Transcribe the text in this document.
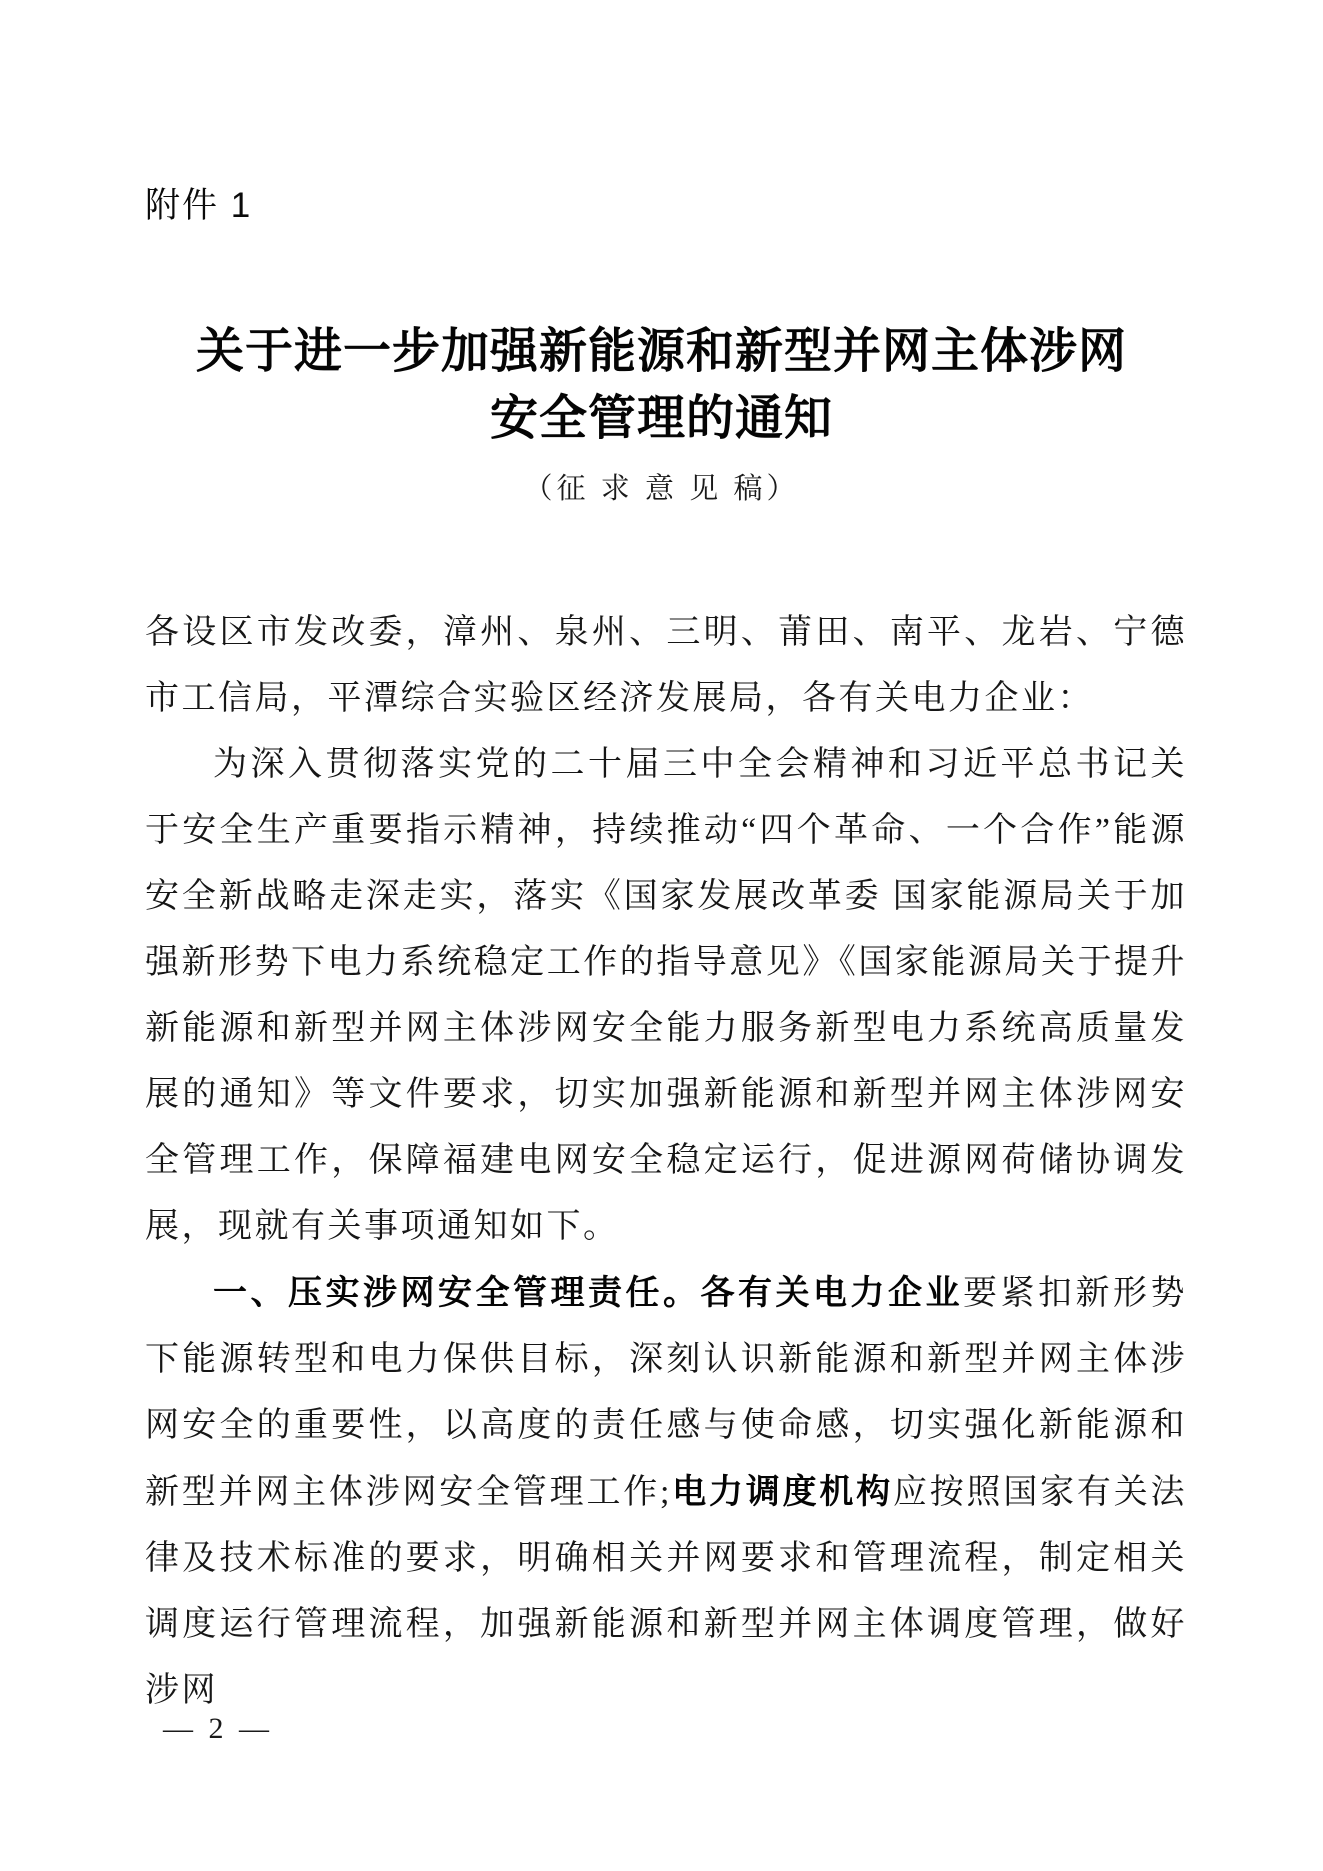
附件 1
关于进一步加强新能源和新型并网主体涉网
安全管理的通知
（征 求 意 见 稿）

各设区市发改委，漳州、泉州、三明、莆田、南平、龙岩、宁德市工信局，平潭综合实验区经济发展局，各有关电力企业：

为深入贯彻落实党的二十届三中全会精神和习近平总书记关于安全生产重要指示精神，持续推动“四个革命、一个合作”能源安全新战略走深走实，落实《国家发展改革委 国家能源局关于加强新形势下电力系统稳定工作的指导意见》《国家能源局关于提升新能源和新型并网主体涉网安全能力服务新型电力系统高质量发展的通知》等文件要求，切实加强新能源和新型并网主体涉网安全管理工作，保障福建电网安全稳定运行，促进源网荷储协调发展，现就有关事项通知如下。

一、压实涉网安全管理责任。各有关电力企业要紧扣新形势下能源转型和电力保供目标，深刻认识新能源和新型并网主体涉网安全的重要性，以高度的责任感与使命感，切实强化新能源和新型并网主体涉网安全管理工作;电力调度机构应按照国家有关法律及技术标准的要求，明确相关并网要求和管理流程，制定相关调度运行管理流程，加强新能源和新型并网主体调度管理，做好涉网

— 2 —
